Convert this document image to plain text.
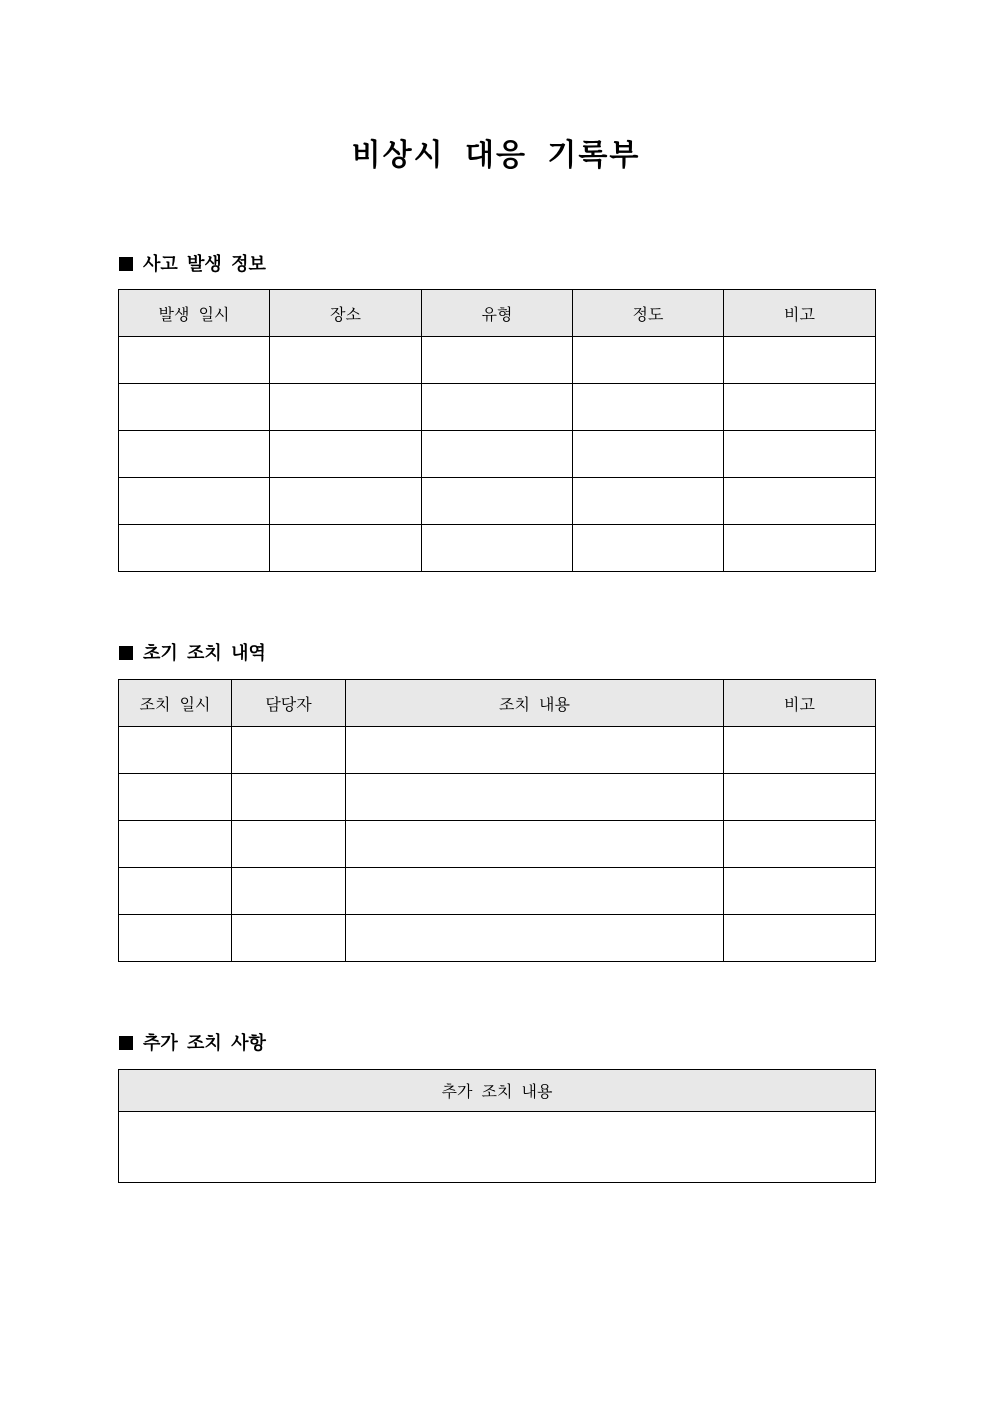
비상시 대응 기록부
사고 발생 정보
발생 일시	장소	유형	정도	비고

초기 조치 내역
조치 일시	담당자	조치 내용	비고

추가 조치 사항
추가 조치 내용
